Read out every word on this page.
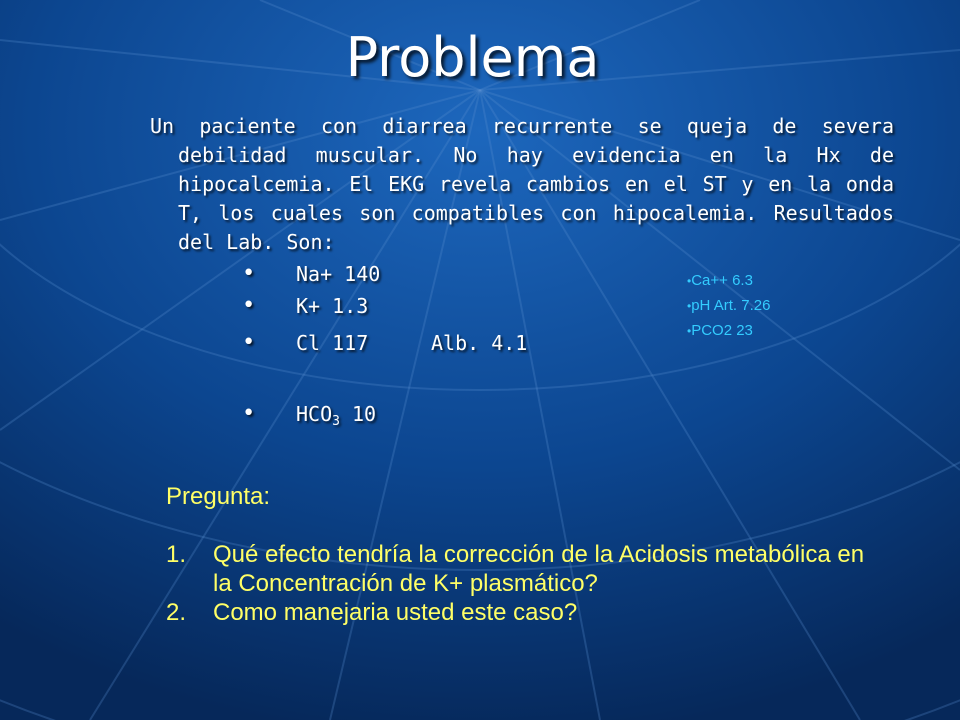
Problema

Un paciente con diarrea recurrente se queja de severa debilidad muscular. No hay evidencia en la Hx de hipocalcemia. El EKG revela cambios en el ST y en la onda T, los cuales son compatibles con hipocalemia. Resultados del Lab. Son:

• Na+ 140
• K+ 1.3
• Cl 117	Alb. 4.1
• $HCO_3$ 10
•Ca++ 6.3
•pH Art. 7.26
•PCO2 23

Pregunta:

1. Qué efecto tendría la corrección de la Acidosis metabólica en la Concentración de K+ plasmático?
2. Como manejaria usted este caso?
